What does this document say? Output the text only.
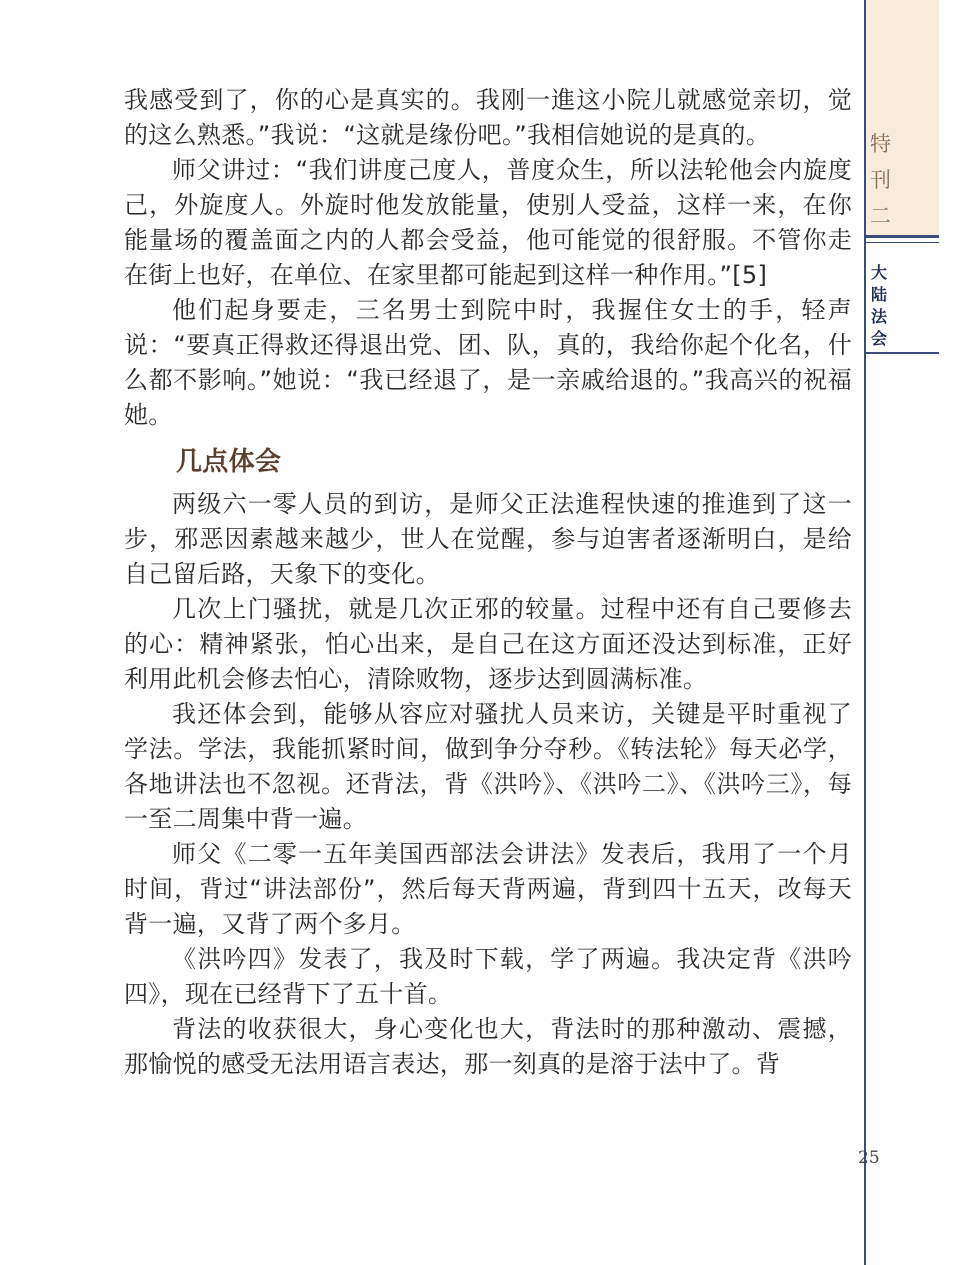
特
刊
二
大
陆
法
会

我感受到了，你的心是真实的。我刚一進这小院儿就感觉亲切，觉的这么熟悉。”我说：“这就是缘份吧。”我相信她说的是真的。

师父讲过：“我们讲度己度人，普度众生，所以法轮他会内旋度己，外旋度人。外旋时他发放能量，使别人受益，这样一来，在你能量场的覆盖面之内的人都会受益，他可能觉的很舒服。不管你走在街上也好，在单位、在家里都可能起到这样一种作用。”[5]

他们起身要走，三名男士到院中时，我握住女士的手，轻声说：“要真正得救还得退出党、团、队，真的，我给你起个化名，什么都不影响。”她说：“我已经退了，是一亲戚给退的。”我高兴的祝福她。

几点体会

两级六一零人员的到访，是师父正法進程快速的推進到了这一步，邪恶因素越来越少，世人在觉醒，参与迫害者逐渐明白，是给自己留后路，天象下的变化。

几次上门骚扰，就是几次正邪的较量。过程中还有自己要修去的心：精神紧张，怕心出来，是自己在这方面还没达到标准，正好利用此机会修去怕心，清除败物，逐步达到圆满标准。

我还体会到，能够从容应对骚扰人员来访，关键是平时重视了学法。学法，我能抓紧时间，做到争分夺秒。《转法轮》每天必学，各地讲法也不忽视。还背法，背《洪吟》、《洪吟二》、《洪吟三》，每一至二周集中背一遍。

师父《二零一五年美国西部法会讲法》发表后，我用了一个月时间，背过“讲法部份”，然后每天背两遍，背到四十五天，改每天背一遍，又背了两个多月。

《洪吟四》发表了，我及时下载，学了两遍。我决定背《洪吟四》，现在已经背下了五十首。

背法的收获很大，身心变化也大，背法时的那种激动、震撼，那愉悦的感受无法用语言表达，那一刻真的是溶于法中了。背

25
